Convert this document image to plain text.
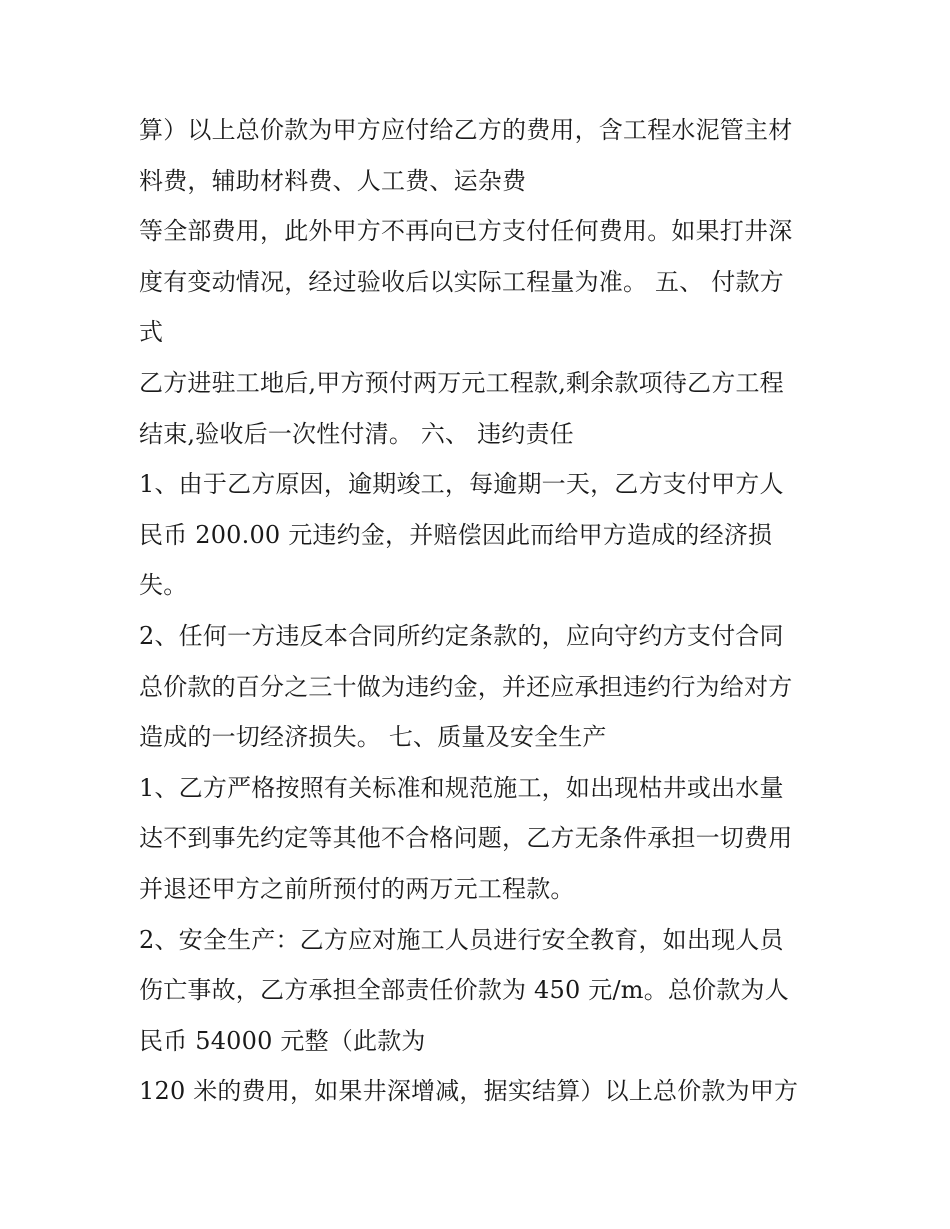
算）以上总价款为甲方应付给乙方的费用，含工程水泥管主材
料费，辅助材料费、人工费、运杂费
等全部费用，此外甲方不再向已方支付任何费用。如果打井深
度有变动情况，经过验收后以实际工程量为准。 五、 付款方
式
乙方进驻工地后,甲方预付两万元工程款,剩余款项待乙方工程
结束,验收后一次性付清。 六、 违约责任
1、由于乙方原因，逾期竣工，每逾期一天，乙方支付甲方人
民币 200.00 元违约金，并赔偿因此而给甲方造成的经济损
失。
2、任何一方违反本合同所约定条款的，应向守约方支付合同
总价款的百分之三十做为违约金，并还应承担违约行为给对方
造成的一切经济损失。 七、质量及安全生产
1、乙方严格按照有关标准和规范施工，如出现枯井或出水量
达不到事先约定等其他不合格问题，乙方无条件承担一切费用
并退还甲方之前所预付的两万元工程款。
2、安全生产：乙方应对施工人员进行安全教育，如出现人员
伤亡事故，乙方承担全部责任价款为 450 元/m。总价款为人
民币 54000 元整（此款为
120 米的费用，如果井深增减，据实结算）以上总价款为甲方
